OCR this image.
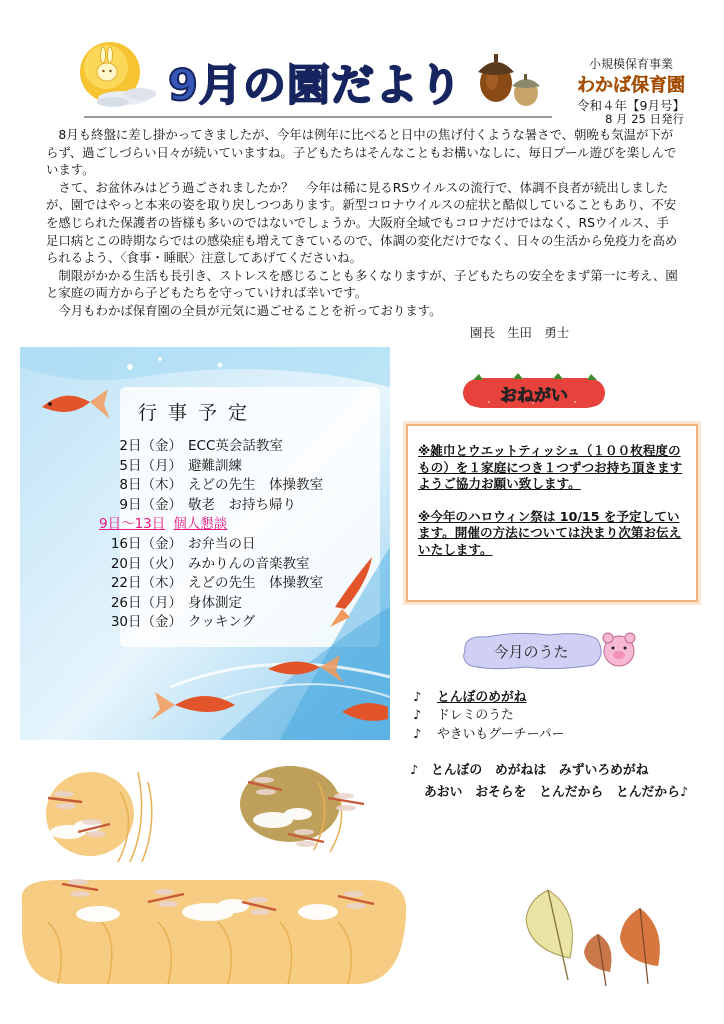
9月の園だより	小規模保育事業
わかば保育園
令和４年【9月号】
8 月 25 日発行

8月も終盤に差し掛かってきましたが、今年は例年に比べると日中の焦げ付くような暑さで、朝晩も気温が下がらず、過ごしづらい日々が続いていますね。子どもたちはそんなこともお構いなしに、毎日プール遊びを楽しんでいます。

さて、お盆休みはどう過ごされましたか？　今年は稀に見るRSウイルスの流行で、体調不良者が続出しましたが、園ではやっと本来の姿を取り戻しつつあります。新型コロナウイルスの症状と酷似していることもあり、不安を感じられた保護者の皆様も多いのではないでしょうか。大阪府全域でもコロナだけではなく、RSウイルス、手足口病とこの時期ならではの感染症も増えてきているので、体調の変化だけでなく、日々の生活から免疫力を高められるよう、〈食事・睡眠〉注意してあげてくださいね。

制限がかかる生活も長引き、ストレスを感じることも多くなりますが、子どもたちの安全をまず第一に考え、園と家庭の両方から子どもたちを守っていければ幸いです。

今月もわかば保育園の全員が元気に過ごせることを祈っております。

園長　生田　勇士
行事予定
2日（金） ECC英会話教室
5日（月） 避難訓練
8日（木） えどの先生　体操教室
9日（金） 敬老　お持ち帰り
9日〜13日 個人懇談
16日（金） お弁当の日
20日（火） みかりんの音楽教室
22日（木） えどの先生　体操教室
26日（月） 身体測定
30日（金） クッキング
おねがい

※雑巾とウエットティッシュ（１００枚程度のもの）を１家庭につき１つずつお持ち頂きますようご協力お願い致します。

※今年のハロウィン祭は 10/15 を予定しています。開催の方法については決まり次第お伝えいたします。

今月のうた
♪ とんぼのめがね
♪ ドレミのうた
♪ やきいもグーチーパー
♪　とんぼの　めがねは　みずいろめがね
あおい　おそらを　とんだから　とんだから♪
